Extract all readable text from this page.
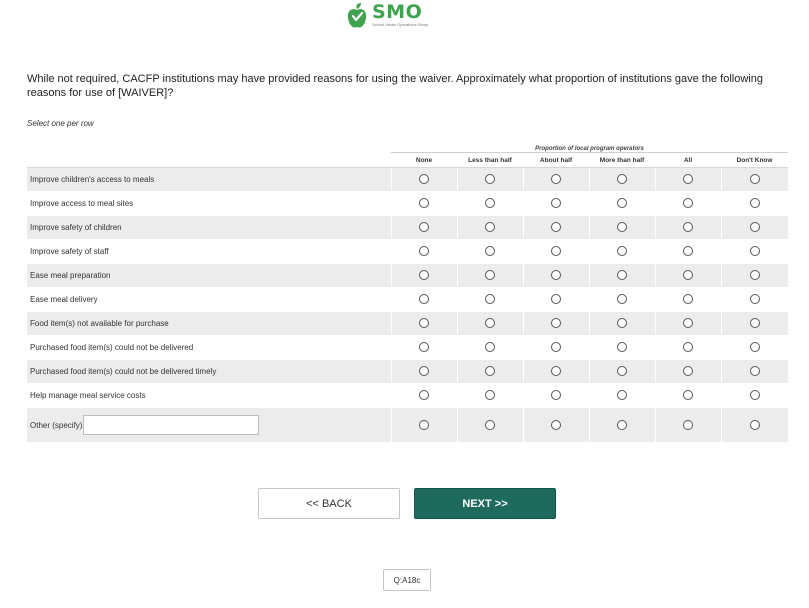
SMO
School Meals Operations Study
While not required, CACFP institutions may have provided reasons for using the waiver. Approximately what proportion of institutions gave the following reasons for use of [WAIVER]?
Select one per row
	Proportion of local program operators					
	None	Less than half	About half	More than half	All	Don't Know
Improve children's access to meals						
Improve access to meal sites						
Improve safety of children						
Improve safety of staff						
Ease meal preparation						
Ease meal delivery						
Food item(s) not available for purchase						
Purchased food item(s) could not be delivered						
Purchased food item(s) could not be delivered timely						
Help manage meal service costs						

Other (specify)						

<< BACK	NEXT >>
Q:A18c
